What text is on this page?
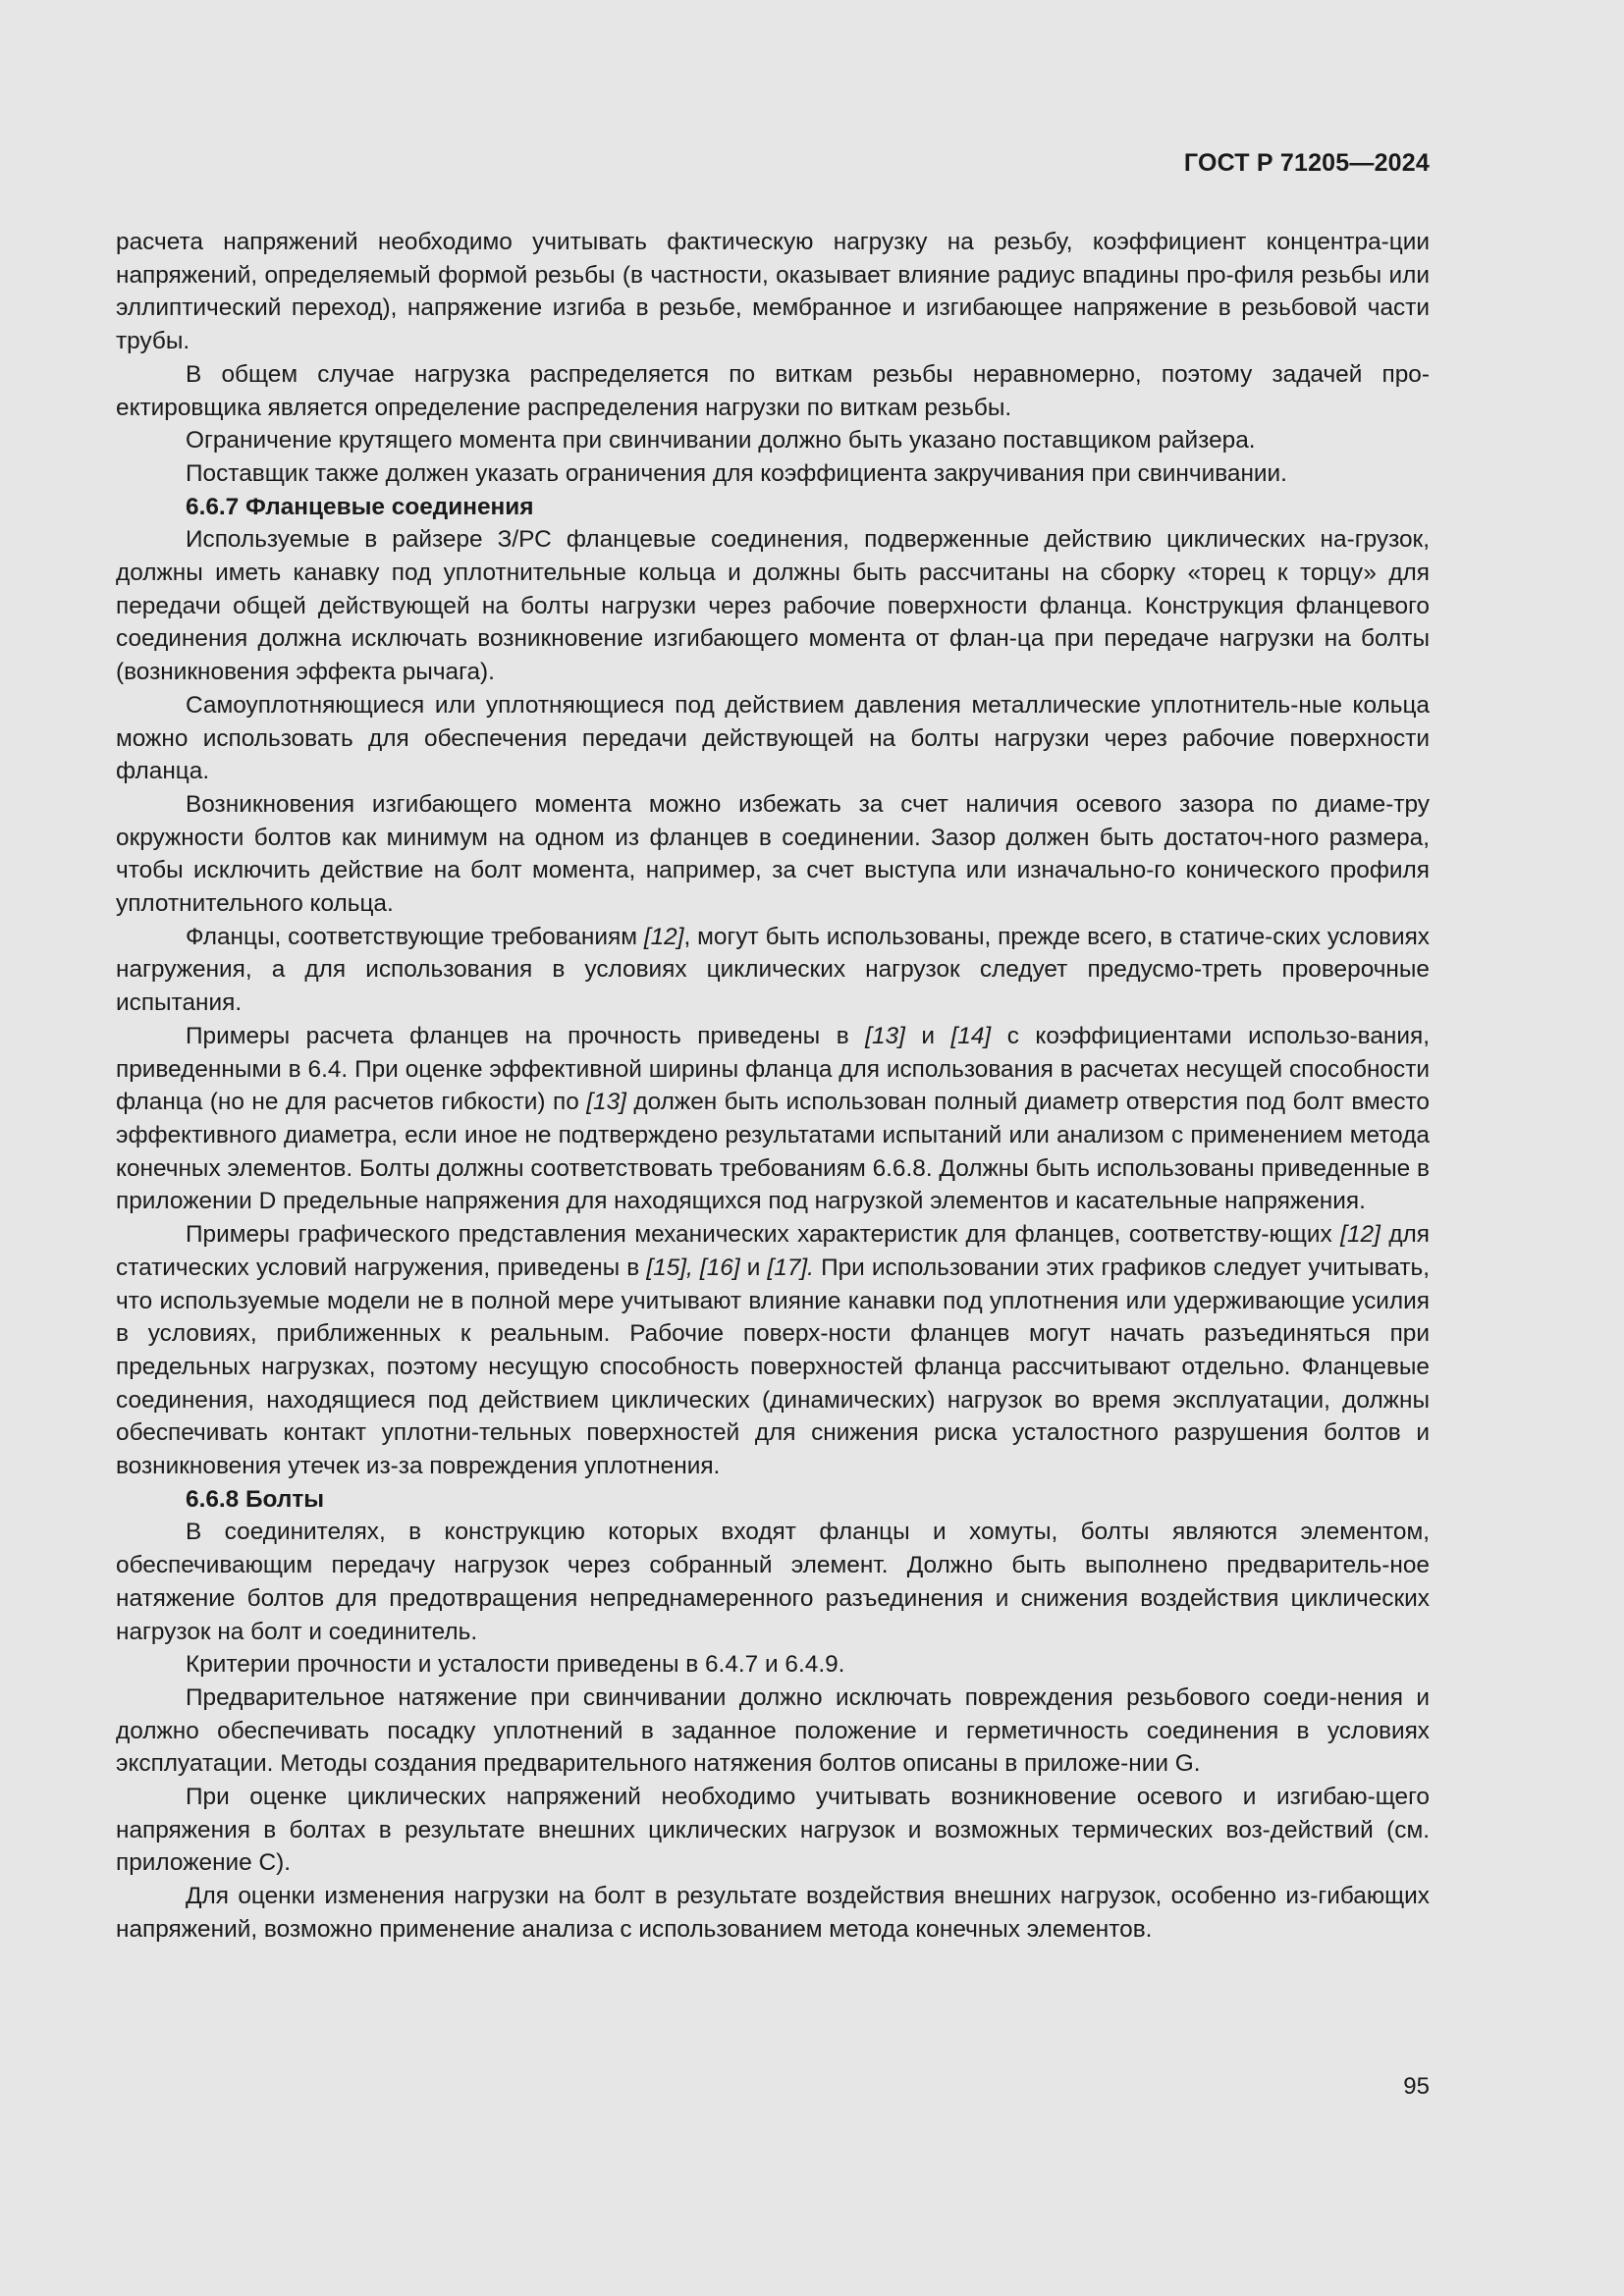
ГОСТ Р 71205—2024

расчета напряжений необходимо учитывать фактическую нагрузку на резьбу, коэффициент концентра-ции напряжений, определяемый формой резьбы (в частности, оказывает влияние радиус впадины про-филя резьбы или эллиптический переход), напряжение изгиба в резьбе, мембранное и изгибающее напряжение в резьбовой части трубы.

В общем случае нагрузка распределяется по виткам резьбы неравномерно, поэтому задачей про-ектировщика является определение распределения нагрузки по виткам резьбы.

Ограничение крутящего момента при свинчивании должно быть указано поставщиком райзера.

Поставщик также должен указать ограничения для коэффициента закручивания при свинчивании.

6.6.7 Фланцевые соединения

Используемые в райзере З/РС фланцевые соединения, подверженные действию циклических на-грузок, должны иметь канавку под уплотнительные кольца и должны быть рассчитаны на сборку «торец к торцу» для передачи общей действующей на болты нагрузки через рабочие поверхности фланца. Конструкция фланцевого соединения должна исключать возникновение изгибающего момента от флан-ца при передаче нагрузки на болты (возникновения эффекта рычага).

Самоуплотняющиеся или уплотняющиеся под действием давления металлические уплотнитель-ные кольца можно использовать для обеспечения передачи действующей на болты нагрузки через рабочие поверхности фланца.

Возникновения изгибающего момента можно избежать за счет наличия осевого зазора по диаме-тру окружности болтов как минимум на одном из фланцев в соединении. Зазор должен быть достаточ-ного размера, чтобы исключить действие на болт момента, например, за счет выступа или изначально-го конического профиля уплотнительного кольца.

Фланцы, соответствующие требованиям [12], могут быть использованы, прежде всего, в статиче-ских условиях нагружения, а для использования в условиях циклических нагрузок следует предусмо-треть проверочные испытания.

Примеры расчета фланцев на прочность приведены в [13] и [14] с коэффициентами использо-вания, приведенными в 6.4. При оценке эффективной ширины фланца для использования в расчетах несущей способности фланца (но не для расчетов гибкости) по [13] должен быть использован полный диаметр отверстия под болт вместо эффективного диаметра, если иное не подтверждено результатами испытаний или анализом с применением метода конечных элементов. Болты должны соответствовать требованиям 6.6.8. Должны быть использованы приведенные в приложении D предельные напряжения для находящихся под нагрузкой элементов и касательные напряжения.

Примеры графического представления механических характеристик для фланцев, соответству-ющих [12] для статических условий нагружения, приведены в [15], [16] и [17]. При использовании этих графиков следует учитывать, что используемые модели не в полной мере учитывают влияние канавки под уплотнения или удерживающие усилия в условиях, приближенных к реальным. Рабочие поверх-ности фланцев могут начать разъединяться при предельных нагрузках, поэтому несущую способность поверхностей фланца рассчитывают отдельно. Фланцевые соединения, находящиеся под действием циклических (динамических) нагрузок во время эксплуатации, должны обеспечивать контакт уплотни-тельных поверхностей для снижения риска усталостного разрушения болтов и возникновения утечек из-за повреждения уплотнения.

6.6.8 Болты

В соединителях, в конструкцию которых входят фланцы и хомуты, болты являются элементом, обеспечивающим передачу нагрузок через собранный элемент. Должно быть выполнено предваритель-ное натяжение болтов для предотвращения непреднамеренного разъединения и снижения воздействия циклических нагрузок на болт и соединитель.

Критерии прочности и усталости приведены в 6.4.7 и 6.4.9.

Предварительное натяжение при свинчивании должно исключать повреждения резьбового соеди-нения и должно обеспечивать посадку уплотнений в заданное положение и герметичность соединения в условиях эксплуатации. Методы создания предварительного натяжения болтов описаны в приложе-нии G.

При оценке циклических напряжений необходимо учитывать возникновение осевого и изгибаю-щего напряжения в болтах в результате внешних циклических нагрузок и возможных термических воз-действий (см. приложение С).

Для оценки изменения нагрузки на болт в результате воздействия внешних нагрузок, особенно из-гибающих напряжений, возможно применение анализа с использованием метода конечных элементов.

95
